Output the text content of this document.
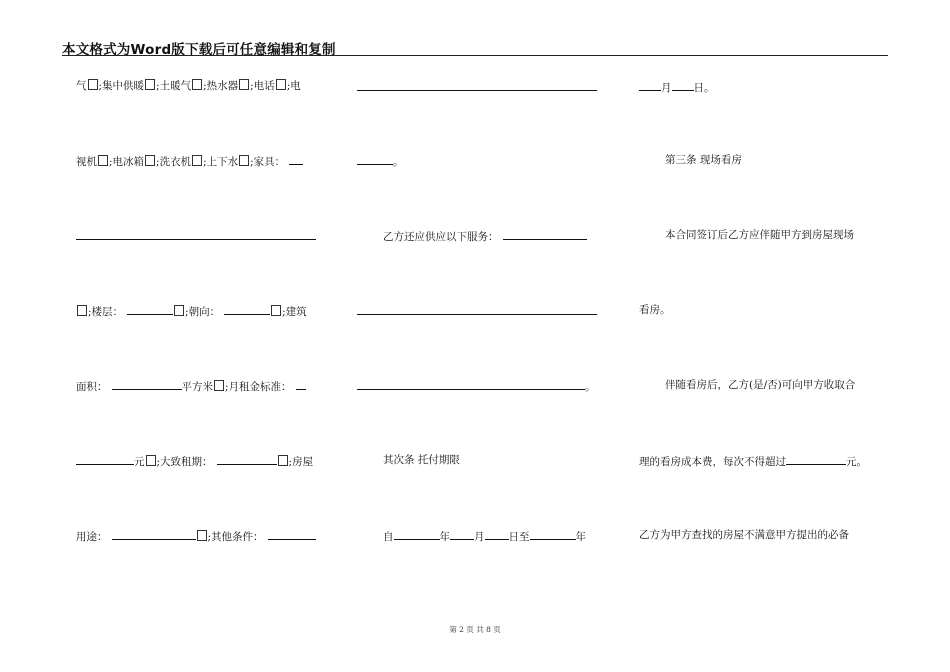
本文格式为Word版下载后可任意编辑和复制
气 ;集中供暖 ;土暖气 ;热水器 ;电话 ;电
视机 ;电冰箱 ;洗衣机 ;上下水 ;家具：
;楼层：	;朝向：	;建筑
面积：	平方米 ;月租金标准：
元 ;大致租期：	;房屋
用途：	;其他条件：
。
乙方还应供应以下服务：
。
其次条 托付期限
自	年 月 日至	年
月 日。
第三条 现场看房
本合同签订后乙方应伴随甲方到房屋现场
看房。
伴随看房后，乙方(是/否)可向甲方收取合
理的看房成本费，每次不得超过	元。
乙方为甲方查找的房屋不满意甲方提出的必备
第 2 页 共 8 页
